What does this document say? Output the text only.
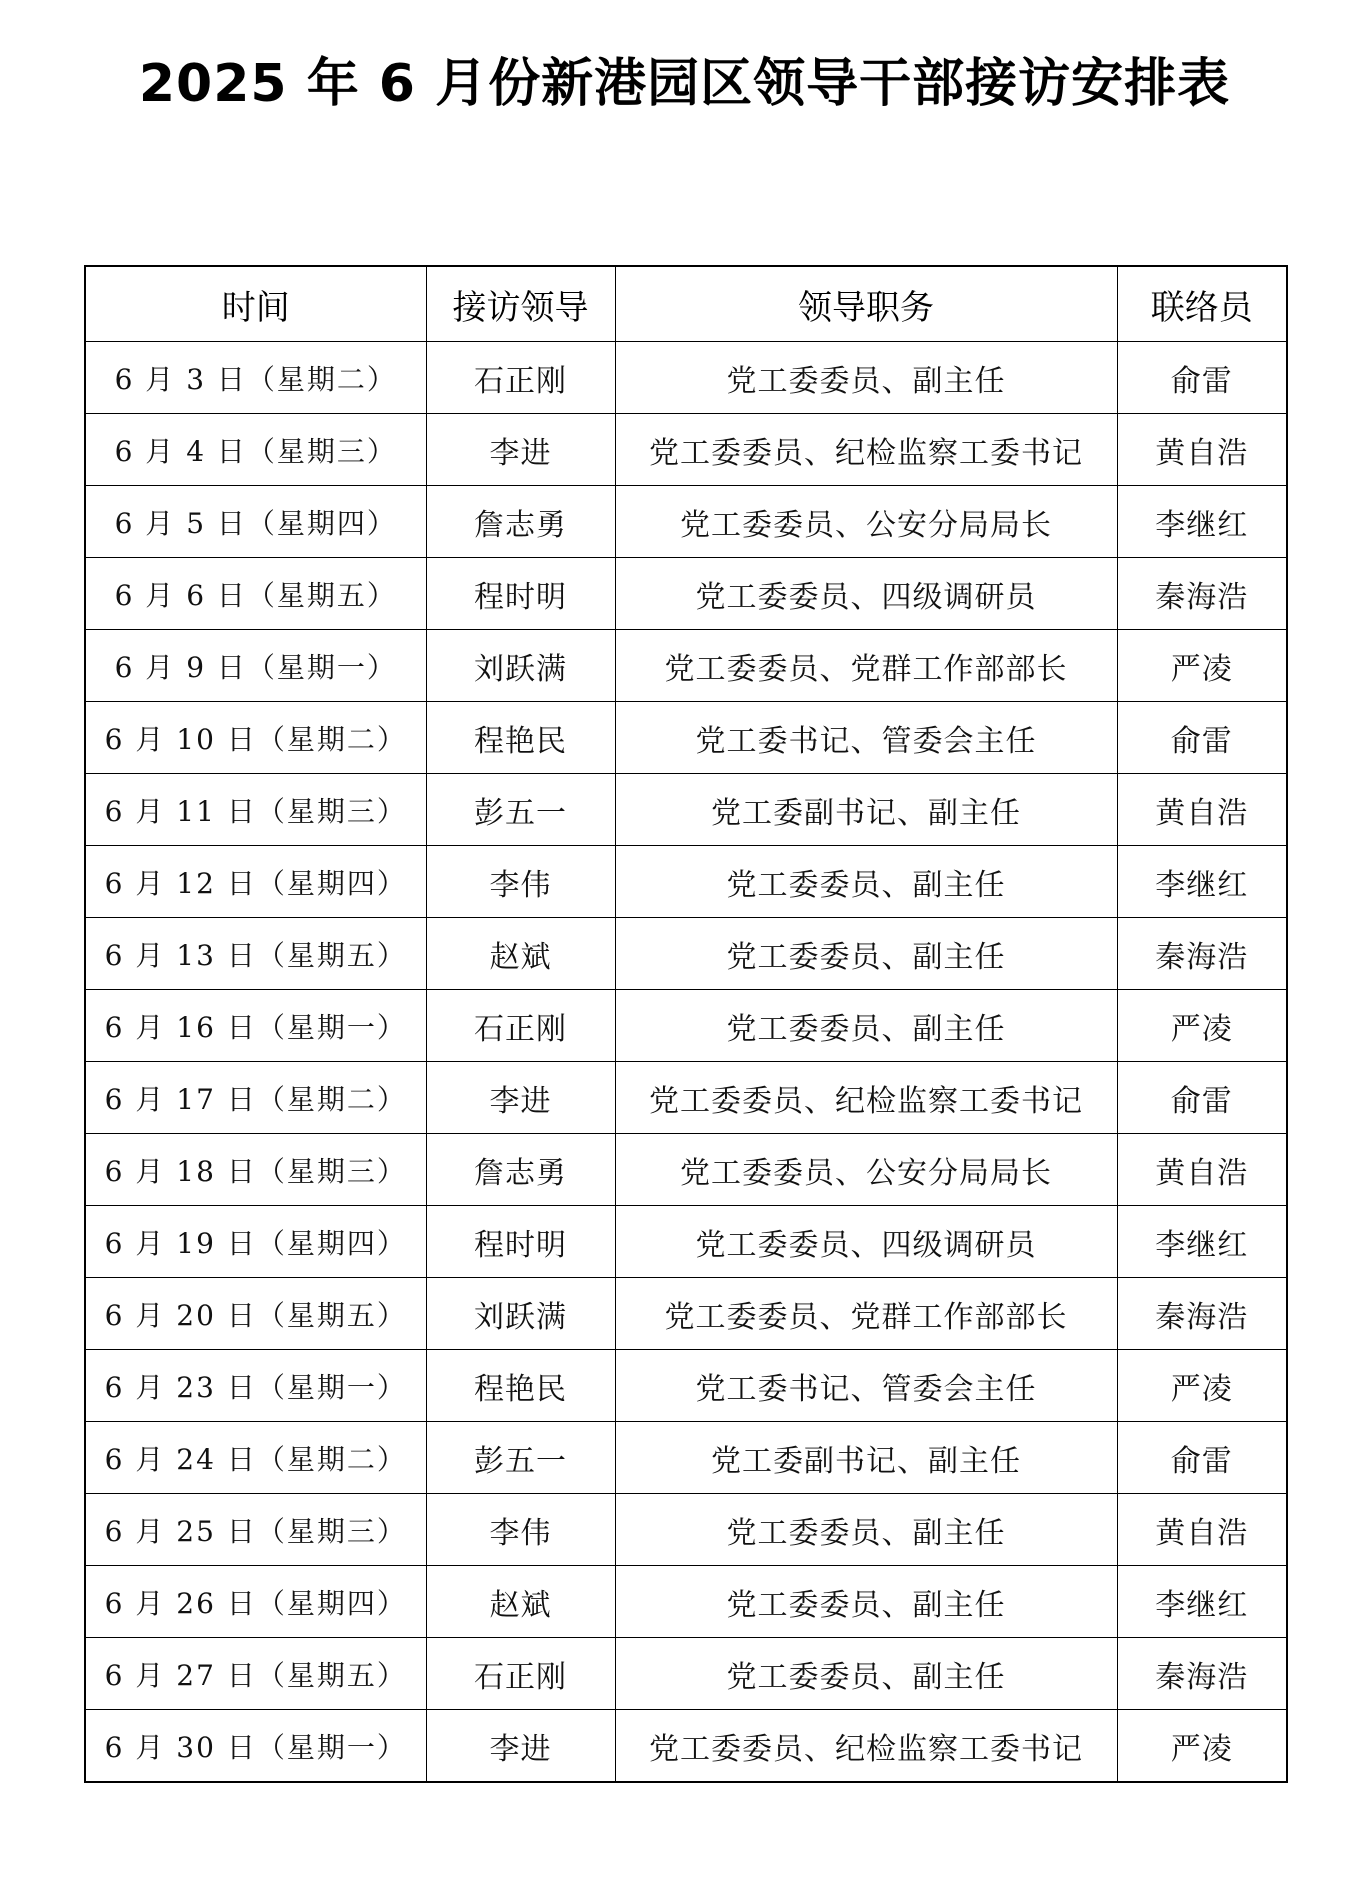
2025 年 6 月份新港园区领导干部接访安排表
时间	接访领导	领导职务	联络员
6 月 3 日（星期二）	石正刚	党工委委员、副主任	俞雷
6 月 4 日（星期三）	李进	党工委委员、纪检监察工委书记	黄自浩
6 月 5 日（星期四）	詹志勇	党工委委员、公安分局局长	李继红
6 月 6 日（星期五）	程时明	党工委委员、四级调研员	秦海浩
6 月 9 日（星期一）	刘跃满	党工委委员、党群工作部部长	严凌
6 月 10 日（星期二）	程艳民	党工委书记、管委会主任	俞雷
6 月 11 日（星期三）	彭五一	党工委副书记、副主任	黄自浩
6 月 12 日（星期四）	李伟	党工委委员、副主任	李继红
6 月 13 日（星期五）	赵斌	党工委委员、副主任	秦海浩
6 月 16 日（星期一）	石正刚	党工委委员、副主任	严凌
6 月 17 日（星期二）	李进	党工委委员、纪检监察工委书记	俞雷
6 月 18 日（星期三）	詹志勇	党工委委员、公安分局局长	黄自浩
6 月 19 日（星期四）	程时明	党工委委员、四级调研员	李继红
6 月 20 日（星期五）	刘跃满	党工委委员、党群工作部部长	秦海浩
6 月 23 日（星期一）	程艳民	党工委书记、管委会主任	严凌
6 月 24 日（星期二）	彭五一	党工委副书记、副主任	俞雷
6 月 25 日（星期三）	李伟	党工委委员、副主任	黄自浩
6 月 26 日（星期四）	赵斌	党工委委员、副主任	李继红
6 月 27 日（星期五）	石正刚	党工委委员、副主任	秦海浩
6 月 30 日（星期一）	李进	党工委委员、纪检监察工委书记	严凌
